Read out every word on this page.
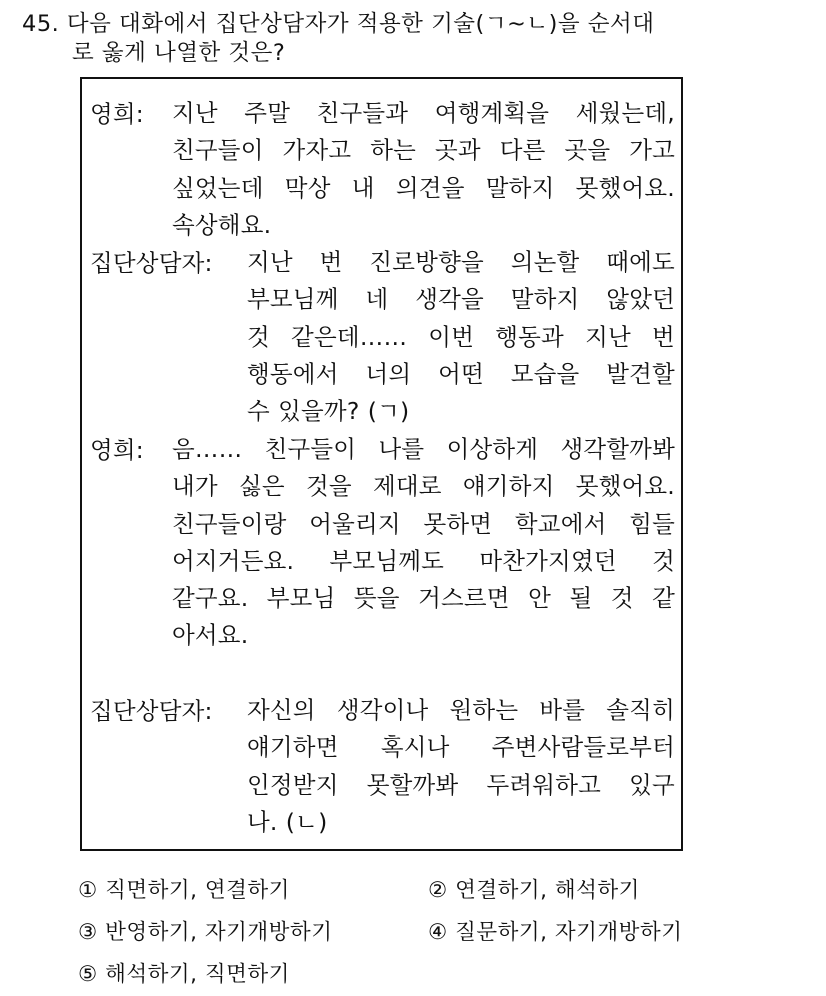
45. 다음 대화에서 집단상담자가 적용한 기술(ㄱ~ㄴ)을 순서대
로 옳게 나열한 것은?
영희: 지난 주말 친구들과 여행계획을 세웠는데,
친구들이 가자고 하는 곳과 다른 곳을 가고
싶었는데 막상 내 의견을 말하지 못했어요.
속상해요.
집단상담자: 지난 번 진로방향을 의논할 때에도
부모님께 네 생각을 말하지 않았던
것 같은데…… 이번 행동과 지난 번
행동에서 너의 어떤 모습을 발견할
수 있을까? (ㄱ)
영희: 음…… 친구들이 나를 이상하게 생각할까봐
내가 싫은 것을 제대로 얘기하지 못했어요.
친구들이랑 어울리지 못하면 학교에서 힘들
어지거든요. 부모님께도 마찬가지였던 것
같구요. 부모님 뜻을 거스르면 안 될 것 같
아서요.
집단상담자: 자신의 생각이나 원하는 바를 솔직히
얘기하면 혹시나 주변사람들로부터
인정받지 못할까봐 두려워하고 있구
나. (ㄴ)
① 직면하기, 연결하기	② 연결하기, 해석하기
③ 반영하기, 자기개방하기	④ 질문하기, 자기개방하기
⑤ 해석하기, 직면하기
